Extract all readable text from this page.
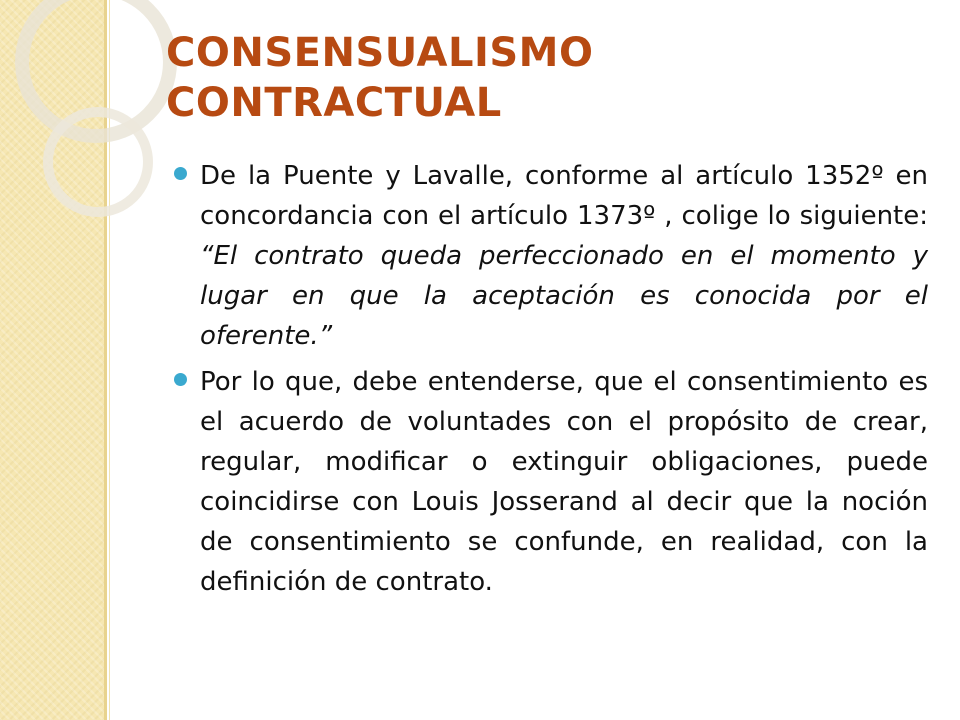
CONSENSUALISMO
CONTRACTUAL
De la Puente y Lavalle, conforme al artículo 1352º en concordancia con el artículo 1373º , colige lo siguiente: “El contrato queda perfeccionado en el momento y lugar en que la aceptación es conocida por el oferente.”
Por lo que, debe entenderse, que el consentimiento es el acuerdo de voluntades con el propósito de crear, regular, modificar o extinguir obligaciones, puede coincidirse con Louis Josserand al decir que la noción de consentimiento se confunde, en realidad, con la definición de contrato.
